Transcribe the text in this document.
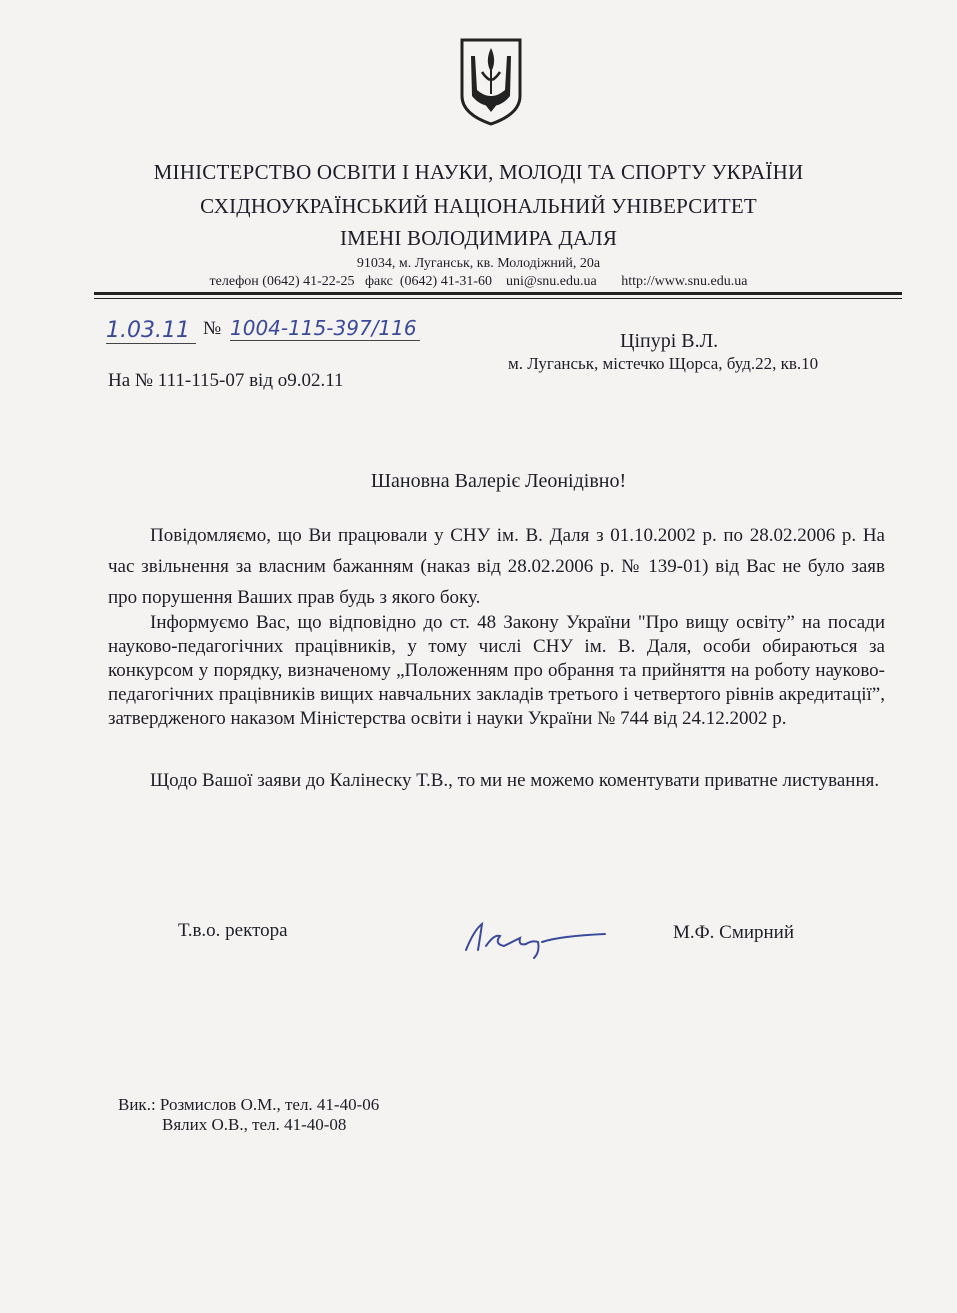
МІНІСТЕРСТВО ОСВІТИ І НАУКИ, МОЛОДІ ТА СПОРТУ УКРАЇНИ
СХІДНОУКРАЇНСЬКИЙ НАЦІОНАЛЬНИЙ УНІВЕРСИТЕТ
ІМЕНІ ВОЛОДИМИРА ДАЛЯ
91034, м. Луганськ, кв. Молодіжний, 20а
телефон (0642) 41-22-25   факс  (0642) 41-31-60    uni@snu.edu.ua       http://www.snu.edu.ua
1.03.11 № 1004-115-397/116
На № 111-115-07 від о9.02.11
Ціпурі В.Л.
м. Луганськ, містечко Щорса, буд.22, кв.10
Шановна Валеріє Леонідівно!
Повідомляємо, що Ви працювали у СНУ ім. В. Даля з 01.10.2002 р. по 28.02.2006 р. На час звільнення за власним бажанням (наказ від 28.02.2006 р. № 139-01) від Вас не було заяв про порушення Ваших прав будь з якого боку.
Інформуємо Вас, що відповідно до ст. 48 Закону України "Про вищу освіту” на посади науково-педагогічних працівників, у тому числі СНУ ім. В. Даля, особи обираються за конкурсом у порядку, визначеному „Положенням про обрання та прийняття на роботу науково-педагогічних працівників вищих навчальних закладів третього і четвертого рівнів акредитації”, затвердженого наказом Міністерства освіти і науки України № 744 від 24.12.2002 р.
Щодо Вашої заяви до Калінеску Т.В., то ми не можемо коментувати приватне листування.
Т.в.о. ректора	М.Ф. Смирний
Вик.: Розмислов О.М., тел. 41-40-06
Вялих О.В., тел. 41-40-08
